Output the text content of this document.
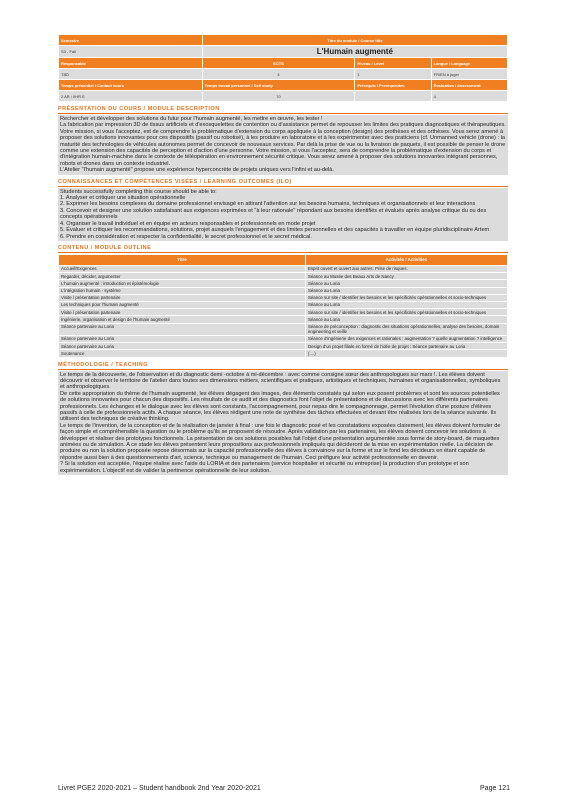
Semestre	Titre du module / Course title		
S3 - Fall	L'Humain augmenté		
Responsable	ECTS	Niveau / Level	Langue / Language
TBD	4	1	FR/EN à juger
Temps présentiel / Contact hours	Temps travail personnel / Self study	Prérequis / Prerequisites	Évaluation / Assessment
2 AR / IIHR E	70		4
PRÉSENTATION DU COURS / MODULE DESCRIPTION

Rechercher et développer des solutions du futur pour l'humain augmenté, les mettre en œuvre, les tester !

La fabrication par impression 3D de tissus artificiels et d'exosquelettes de contention ou d'assistance permet de repousser les limites des pratiques diagnostiques et thérapeutiques. Votre mission, si vous l'acceptez, est de comprendre la problématique d'extension du corps appliquée à la conception (design) des prothèses et des orthèses. Vous serez amené à proposer des solutions innovantes pour ces dispositifs (passif ou robotisé), à les produire en laboratoire et à les expérimenter avec des praticiens (cf. Unmanned vehicle (drone) : la maturité des technologies de véhicules autonomes permet de concevoir de nouveaux services. Par delà la prise de vue ou la livraison de paquets, il est possible de penser le drone comme une extension des capacités de perception et d'action d'une personne. Votre mission, si vous l'acceptez, sera de comprendre la problématique d'extension du corps et d'intégration humain-machine dans le contexte de téléopération en environnement sécurité critique. Vous serez amené à proposer des solutions innovantes intégrant personnes, robots et drones dans un contexte industriel.

L'Atelier "l'humain augmenté" propose une expérience hyperconcrète de projets uniques vers l'infini et au-delà.

CONNAISSANCES ET COMPÉTENCES VISÉES / LEARNING OUTCOMES (ILO)

Students successfully completing this course should be able to:

1. Analyser et critiquer une situation opérationnelle

2. Exprimer les besoins complexes du domaine professionnel envisagé en attirant l'attention sur les besoins humains, techniques et organisationnels et leur interactions

3. Concevoir et designer une solution satisfaisant aux exigences exprimées et "à leur rationale" répondant aux besoins identifiés et évalués après analyse critique du ou des concepts opérationnels

4. Organiser le travail individuel et en équipe en acteurs responsables et professionnels en mode projet

5. Évaluer et critiquer les recommandations, solutions, projet auxquels l'engagement et des limites personnelles et des capacités à travailler en équipe pluridisciplinaire Artem

6. Prendre en considération et respecter la confidentialité, le secret professionnel et le secret médical.

CONTENU / MODULE OUTLINE
Titre	Activités / Activities
Accueil/Exigences	Esprit ouvert et ouvert aux autres. Prise de risques.
Regarder, décider, argumenter	Séance au Musée des Beaux Arts de Nancy
L'humain augmenté : introduction et épistémologie	Séance au Loria
L'intégration humain - système	Séance au Loria
Visite / présentation partenaire	Séance sur site / identifier les besoins et les spécificités opérationnelles et socio-techniques
Les techniques pour l'humain augmenté	Séance au Loria
Visite / présentation partenaire	Séance sur site / identifier les besoins et les spécificités opérationnelles et socio-techniques
Ingénierie, organisation et design de l'humain augmenté	Séance au Loria
Séance partenaire au Loria	Séance de préconception : diagnostic des situations opérationnelles, analyse des besoins, domain engineering et veille
Séance partenaire au Loria	Séance d'ingénierie des exigences et rationales : augmentation ? quelle augmentation ? intelligence
Séance partenaire au Loria	Design d'un projet filiale en formé de l'idée de projet : Séance partenaire au Loria
Soutenance	(....)
MÉTHODOLOGIE / TEACHING

Le temps de la découverte, de l'observation et du diagnostic demi -octobre à mi-décembre : avec comme consigne sœur des anthropologues sur mars !. Les élèves doivent découvrir et observer le territoire de l'atelier dans toutes ses dimensions métiers, scientifiques et pratiques, artistiques et techniques, humaines et organisationnelles, symboliques et anthropologiques.

De cette appropriation du thème de l'humain augmenté, les élèves dégagent des images, des éléments constatés qui selon eux posent problèmes et sont les sources potentielles de solutions innovantes pour chacun des dispositifs. Les résultats de ce audit et des diagnostics font l'objet de présentations et de discussions avec les différents partenaires professionnels. Les échanges et le dialogue avec les élèves sont constants, l'accompagnement, pour nepas dire le compagnonnage, permet l'évolution d'une posture d'élèves passifs à celle de professionnels actifs. A chaque séance, les élèves rédigent une note de synthèse des tâches effectuées et devant être réalisées lors de la séance suivante. Ils utilisent des techniques de créative thinking.

Le temps de l'invention, de la conception et de la réalisation de janvier à final : une fois le diagnostic posé et les constatations exposées clairement, les élèves doivent formuler de façon simple et compréhensible la question ou le problème qu'ils se proposent de résoudre. Après validation par les partenaires, les élèves doivent concevoir les solutions à développer et réaliser des prototypes fonctionnels. La présentation de ces solutions possibles fait l'objet d'une présentation argumentée sous forme de story-board, de maquettes animées ou de simulation. A ce stade les élèves présentent leurs propositions aux professionnels impliqués qui décideront de la mise en expérimentation réelle. La décision de produire ou non la solution proposée repose désormais sur la capacité professionnelle des élèves à convaincre sur la forme et sur le fond les décideurs en étant capable de répondre aussi bien à des questionnements d'art, science, technique ou management de l'humain. Ceci préfigure leur activité professionnelle en devenir.

? Si la solution est acceptée, l'équipe réalise avec l'aide du LORIA et des partenaires (service hospitalier et sécurité ou entreprise) la production d'un prototype et son expérimentation. L'objectif est de valider la pertinence opérationnelle de leur solution.

Livret PGE2 2020-2021 – Student handbook 2nd Year 2020-2021	Page 121
